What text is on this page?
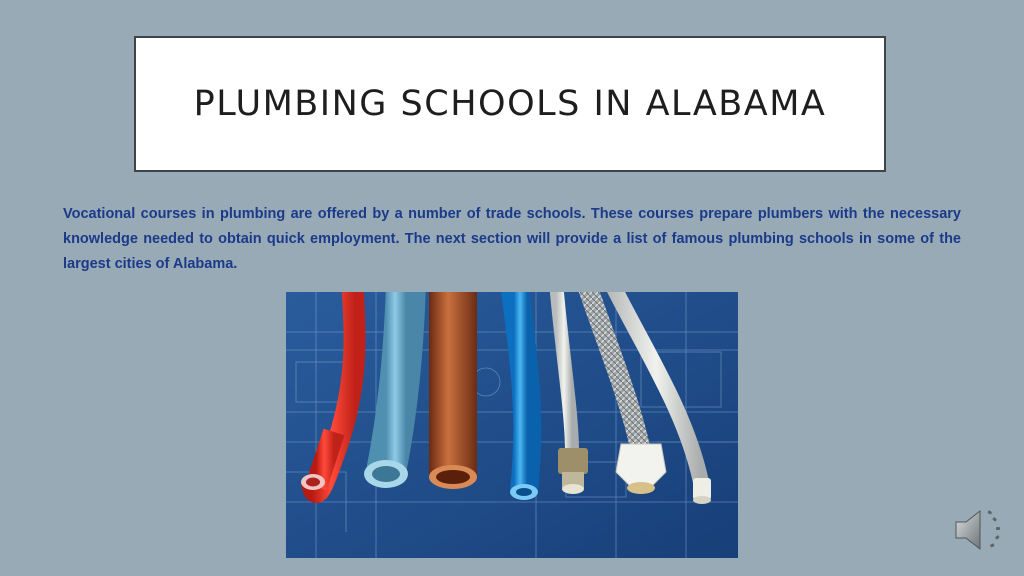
PLUMBING SCHOOLS IN ALABAMA

Vocational courses in plumbing are offered by a number of trade schools. These courses prepare plumbers with the necessary knowledge needed to obtain quick employment. The next section will provide a list of famous plumbing schools in some of the largest cities of Alabama.
